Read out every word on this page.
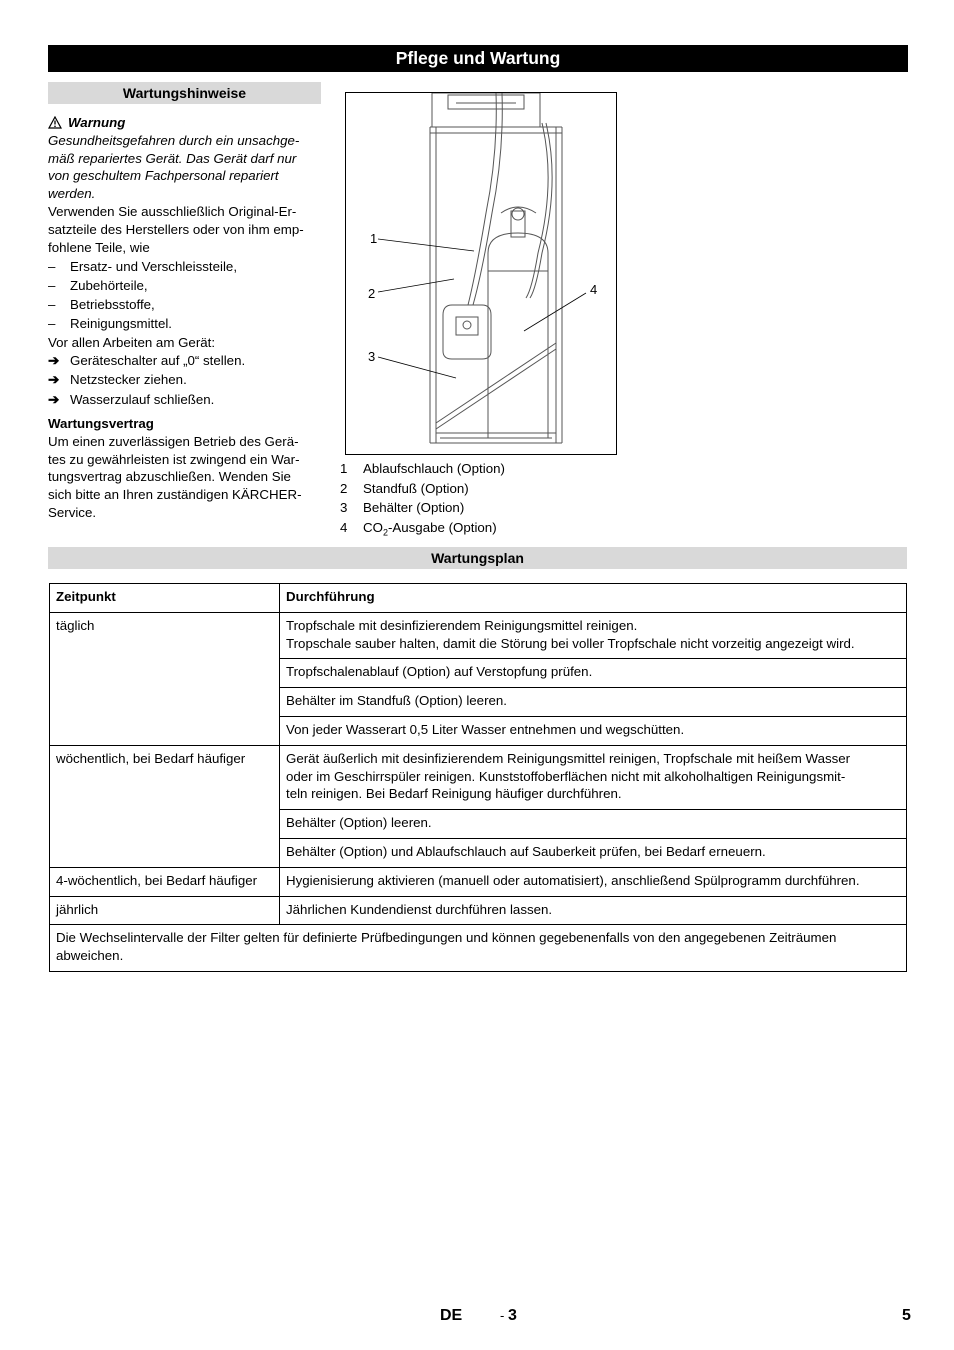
Pflege und Wartung
Wartungshinweise
Warnung

Gesundheitsgefahren durch ein unsachge-

mäß repariertes Gerät. Das Gerät darf nur

von geschultem Fachpersonal repariert

werden.

Verwenden Sie ausschließlich Original-Er-

satzteile des Herstellers oder von ihm emp-

fohlene Teile, wie

–	Ersatz- und Verschleissteile,
–	Zubehörteile,
–	Betriebsstoffe,
–	Reinigungsmittel.

Vor allen Arbeiten am Gerät:

➔ Geräteschalter auf „0“ stellen.
➔ Netzstecker ziehen.
➔ Wasserzulauf schließen.

Wartungsvertrag

Um einen zuverlässigen Betrieb des Gerä-

tes zu gewährleisten ist zwingend ein War-

tungsvertrag abzuschließen. Wenden Sie

sich bitte an Ihren zuständigen KÄRCHER-

Service.

1
2
3
4
1	Ablaufschlauch (Option)
2	Standfuß (Option)
3	Behälter (Option)
4	$CO_2$-Ausgabe (Option)
Wartungsplan
Zeitpunkt	Durchführung
täglich	Tropfschale mit desinfizierendem Reinigungsmittel reinigen.
Tropschale sauber halten, damit die Störung bei voller Tropfschale nicht vorzeitig angezeigt wird.

	Tropfschalenablauf (Option) auf Verstopfung prüfen.
	Behälter im Standfuß (Option) leeren.
	Von jeder Wasserart 0,5 Liter Wasser entnehmen und wegschütten.
wöchentlich, bei Bedarf häufiger	Gerät äußerlich mit desinfizierendem Reinigungsmittel reinigen, Tropfschale mit heißem Wasser
oder im Geschirrspüler reinigen. Kunststoffoberflächen nicht mit alkoholhaltigen Reinigungsmit-
teln reinigen. Bei Bedarf Reinigung häufiger durchführen.

	Behälter (Option) leeren.
	Behälter (Option) und Ablaufschlauch auf Sauberkeit prüfen, bei Bedarf erneuern.
4-wöchentlich, bei Bedarf häufiger	Hygienisierung aktivieren (manuell oder automatisiert), anschließend Spülprogramm durchführen.
jährlich	Jährlichen Kundendienst durchführen lassen.

Die Wechselintervalle der Filter gelten für definierte Prüfbedingungen und können gegebenenfalls von den angegebenen Zeiträumen
abweichen.	
DE	- 3	5
